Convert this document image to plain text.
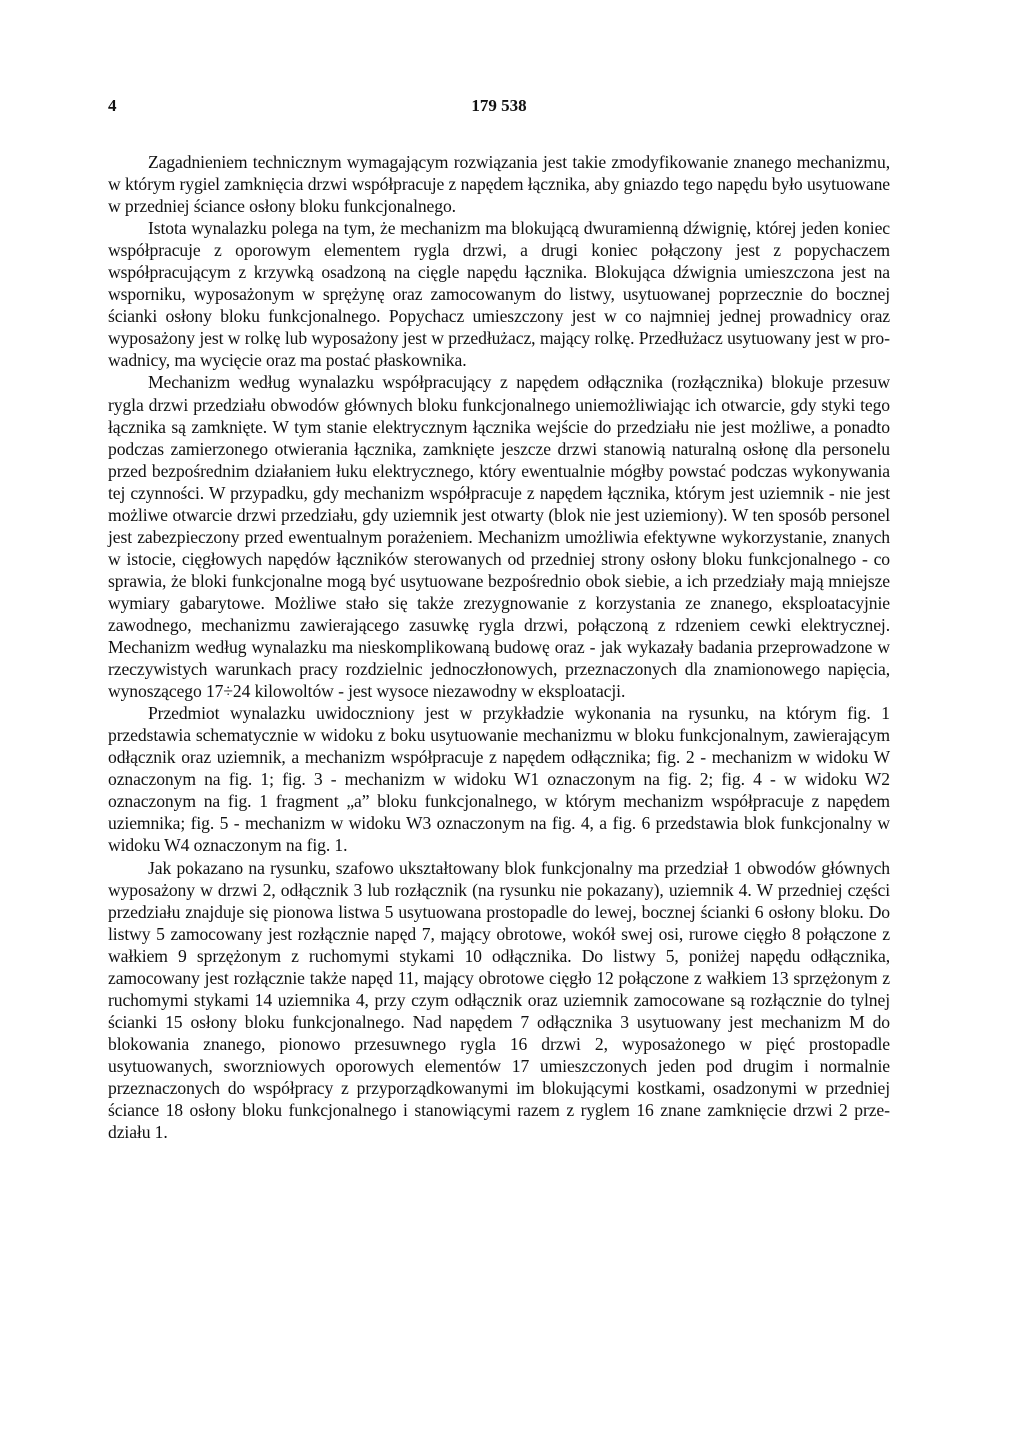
4	179 538

Zagadnieniem technicznym wymagającym rozwiązania jest takie zmodyfikowanie znanego mechanizmu, w którym rygiel zamknięcia drzwi współpracuje z napędem łącznika, aby gniazdo tego napędu było usytuowane w przedniej ściance osłony bloku funkcjonalnego.

Istota wynalazku polega na tym, że mechanizm ma blokującą dwuramienną dźwignię, której jeden koniec współpracuje z oporowym elementem rygla drzwi, a drugi koniec połączony jest z popychaczem współpracującym z krzywką osadzoną na cięgle napędu łącznika. Blokująca dźwignia umieszczona jest na wsporniku, wyposażonym w sprężynę oraz zamocowanym do listwy, usytuowanej poprzecznie do bocznej ścianki osłony bloku funkcjonalnego. Popychacz umieszczony jest w co najmniej jednej prowadnicy oraz wyposażony jest w rolkę lub wyposażony jest w przedłużacz, mający rolkę. Przedłużacz usytuowany jest w prowadnicy, ma wycięcie oraz ma postać płaskownika.

Mechanizm według wynalazku współpracujący z napędem odłącznika (rozłącznika) blokuje przesuw rygla drzwi przedziału obwodów głównych bloku funkcjonalnego uniemożliwiając ich otwarcie, gdy styki tego łącznika są zamknięte. W tym stanie elektrycznym łącznika wejście do przedziału nie jest możliwe, a ponadto podczas zamierzonego otwierania łącznika, zamknięte jeszcze drzwi stanowią naturalną osłonę dla personelu przed bezpośrednim działaniem łuku elektrycznego, który ewentualnie mógłby powstać podczas wykonywania tej czynności. W przypadku, gdy mechanizm współpracuje z napędem łącznika, którym jest uziemnik - nie jest możliwe otwarcie drzwi przedziału, gdy uziemnik jest otwarty (blok nie jest uziemiony). W ten sposób personel jest zabezpieczony przed ewentualnym porażeniem. Mechanizm umożliwia efektywne wykorzystanie, znanych w istocie, cięgłowych napędów łączników sterowanych od przedniej strony osłony bloku funkcjonalnego - co sprawia, że bloki funkcjonalne mogą być usytuowane bezpośrednio obok siebie, a ich przedziały mają mniejsze wymiary gabarytowe. Możliwe stało się także zrezygnowanie z korzystania ze znanego, eksploatacyjnie zawodnego, mechanizmu zawierającego zasuwkę rygla drzwi, połączoną z rdzeniem cewki elektrycznej. Mechanizm według wynalazku ma nieskomplikowaną budowę oraz - jak wykazały badania przeprowadzone w rzeczywistych warunkach pracy rozdzielnic jednoczłonowych, przeznaczonych dla znamionowego napięcia, wynoszącego 17÷24 kilowoltów - jest wysoce niezawodny w eksploatacji.

Przedmiot wynalazku uwidoczniony jest w przykładzie wykonania na rysunku, na którym fig. 1 przedstawia schematycznie w widoku z boku usytuowanie mechanizmu w bloku funkcjonalnym, zawierającym odłącznik oraz uziemnik, a mechanizm współpracuje z napędem odłącznika; fig. 2 - mechanizm w widoku W oznaczonym na fig. 1; fig. 3 - mechanizm w widoku W1 oznaczonym na fig. 2; fig. 4 - w widoku W2 oznaczonym na fig. 1 fragment „a” bloku funkcjonalnego, w którym mechanizm współpracuje z napędem uziemnika; fig. 5 - mechanizm w widoku W3 oznaczonym na fig. 4, a fig. 6 przedstawia blok funkcjonalny w widoku W4 oznaczonym na fig. 1.

Jak pokazano na rysunku, szafowo ukształtowany blok funkcjonalny ma przedział 1 obwodów głównych wyposażony w drzwi 2, odłącznik 3 lub rozłącznik (na rysunku nie pokazany), uziemnik 4. W przedniej części przedziału znajduje się pionowa listwa 5 usytuowana prostopadle do lewej, bocznej ścianki 6 osłony bloku. Do listwy 5 zamocowany jest rozłącznie napęd 7, mający obrotowe, wokół swej osi, rurowe cięgło 8 połączone z wałkiem 9 sprzężonym z ruchomymi stykami 10 odłącznika. Do listwy 5, poniżej napędu odłącznika, zamocowany jest rozłącznie także napęd 11, mający obrotowe cięgło 12 połączone z wałkiem 13 sprzężonym z ruchomymi stykami 14 uziemnika 4, przy czym odłącznik oraz uziemnik zamocowane są rozłącznie do tylnej ścianki 15 osłony bloku funkcjonalnego. Nad napędem 7 odłącznika 3 usytuowany jest mechanizm M do blokowania znanego, pionowo przesuwnego rygla 16 drzwi 2, wyposażonego w pięć prostopadle usytuowanych, sworzniowych oporowych elementów 17 umieszczonych jeden pod drugim i normalnie przeznaczonych do współpracy z przyporządkowanymi im blokującymi kostkami, osadzonymi w przedniej ściance 18 osłony bloku funkcjonalnego i stanowiącymi razem z ryglem 16 znane zamknięcie drzwi 2 przedziału 1.
